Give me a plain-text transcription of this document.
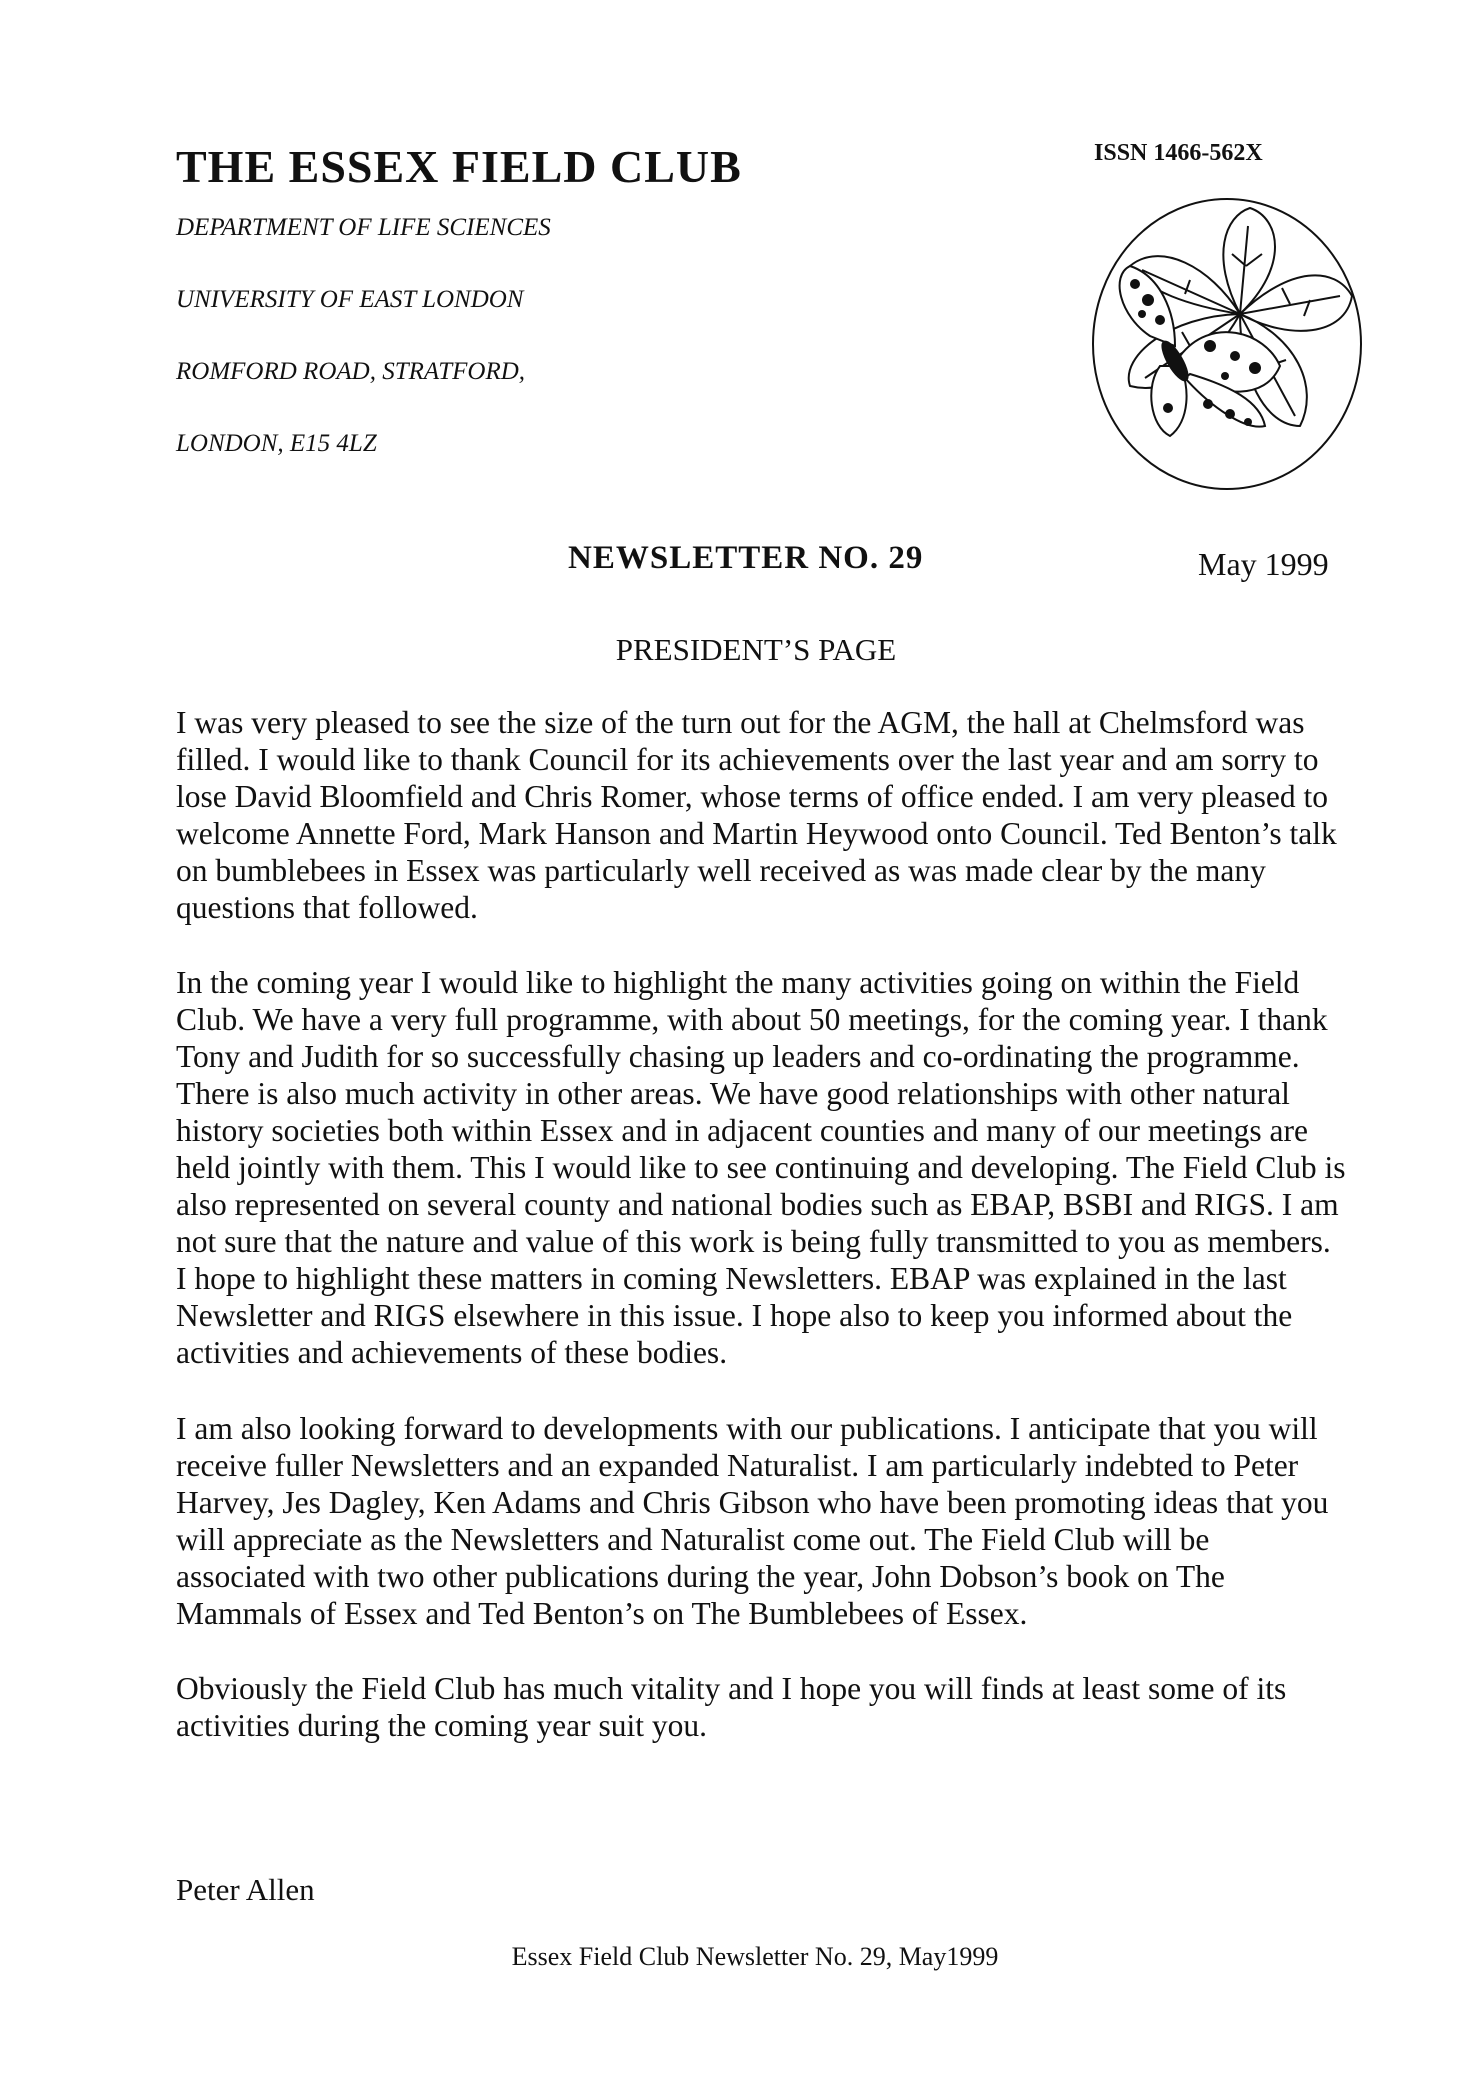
THE ESSEX FIELD CLUB	ISSN 1466-562X
DEPARTMENT OF LIFE SCIENCES
UNIVERSITY OF EAST LONDON
ROMFORD ROAD, STRATFORD,
LONDON, E15 4LZ
NEWSLETTER NO. 29	May 1999
PRESIDENT’S PAGE

I was very pleased to see the size of the turn out for the AGM, the hall at Chelmsford was filled. I would like to thank Council for its achievements over the last year and am sorry to lose David Bloomfield and Chris Romer, whose terms of office ended. I am very pleased to welcome Annette Ford, Mark Hanson and Martin Heywood onto Council. Ted Benton’s talk on bumblebees in Essex was particularly well received as was made clear by the many questions that followed.

In the coming year I would like to highlight the many activities going on within the Field Club. We have a very full programme, with about 50 meetings, for the coming year. I thank Tony and Judith for so successfully chasing up leaders and co-ordinating the programme. There is also much activity in other areas. We have good relationships with other natural history societies both within Essex and in adjacent counties and many of our meetings are held jointly with them. This I would like to see continuing and developing. The Field Club is also represented on several county and national bodies such as EBAP, BSBI and RIGS. I am not sure that the nature and value of this work is being fully transmitted to you as members. I hope to highlight these matters in coming Newsletters. EBAP was explained in the last Newsletter and RIGS elsewhere in this issue. I hope also to keep you informed about the activities and achievements of these bodies.

I am also looking forward to developments with our publications. I anticipate that you will receive fuller Newsletters and an expanded Naturalist. I am particularly indebted to Peter Harvey, Jes Dagley, Ken Adams and Chris Gibson who have been promoting ideas that you will appreciate as the Newsletters and Naturalist come out. The Field Club will be associated with two other publications during the year, John Dobson’s book on The Mammals of Essex and Ted Benton’s on The Bumblebees of Essex.

Obviously the Field Club has much vitality and I hope you will finds at least some of its activities during the coming year suit you.

Peter Allen
Essex Field Club Newsletter No. 29, May1999
